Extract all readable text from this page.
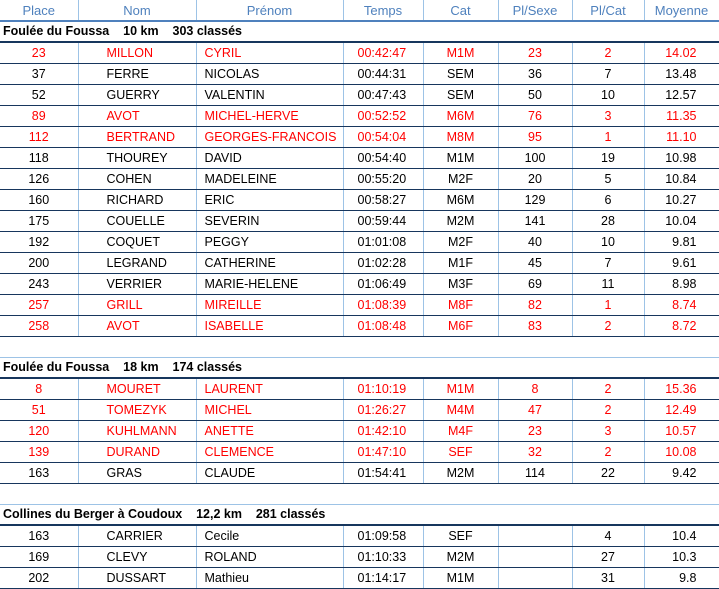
Place	Nom	Prénom	Temps	Cat	Pl/Sexe	Pl/Cat	Moyenne
Foulée du Foussa    10 km    303 classés							
23	MILLON	CYRIL	00:42:47	M1M	23	2	14.02
37	FERRE	NICOLAS	00:44:31	SEM	36	7	13.48
52	GUERRY	VALENTIN	00:47:43	SEM	50	10	12.57
89	AVOT	MICHEL-HERVE	00:52:52	M6M	76	3	11.35
112	BERTRAND	GEORGES-FRANCOIS	00:54:04	M8M	95	1	11.10
118	THOUREY	DAVID	00:54:40	M1M	100	19	10.98
126	COHEN	MADELEINE	00:55:20	M2F	20	5	10.84
160	RICHARD	ERIC	00:58:27	M6M	129	6	10.27
175	COUELLE	SEVERIN	00:59:44	M2M	141	28	10.04
192	COQUET	PEGGY	01:01:08	M2F	40	10	9.81
200	LEGRAND	CATHERINE	01:02:28	M1F	45	7	9.61
243	VERRIER	MARIE-HELENE	01:06:49	M3F	69	11	8.98
257	GRILL	MIREILLE	01:08:39	M8F	82	1	8.74
258	AVOT	ISABELLE	01:08:48	M6F	83	2	8.72

Foulée du Foussa    18 km    174 classés							
8	MOURET	LAURENT	01:10:19	M1M	8	2	15.36
51	TOMEZYK	MICHEL	01:26:27	M4M	47	2	12.49
120	KUHLMANN	ANETTE	01:42:10	M4F	23	3	10.57
139	DURAND	CLEMENCE	01:47:10	SEF	32	2	10.08
163	GRAS	CLAUDE	01:54:41	M2M	114	22	9.42

Collines du Berger à Coudoux    12,2 km    281 classés							
163	CARRIER	Cecile	01:09:58	SEF		4	10.4
169	CLEVY	ROLAND	01:10:33	M2M		27	10.3
202	DUSSART	Mathieu	01:14:17	M1M		31	9.8
